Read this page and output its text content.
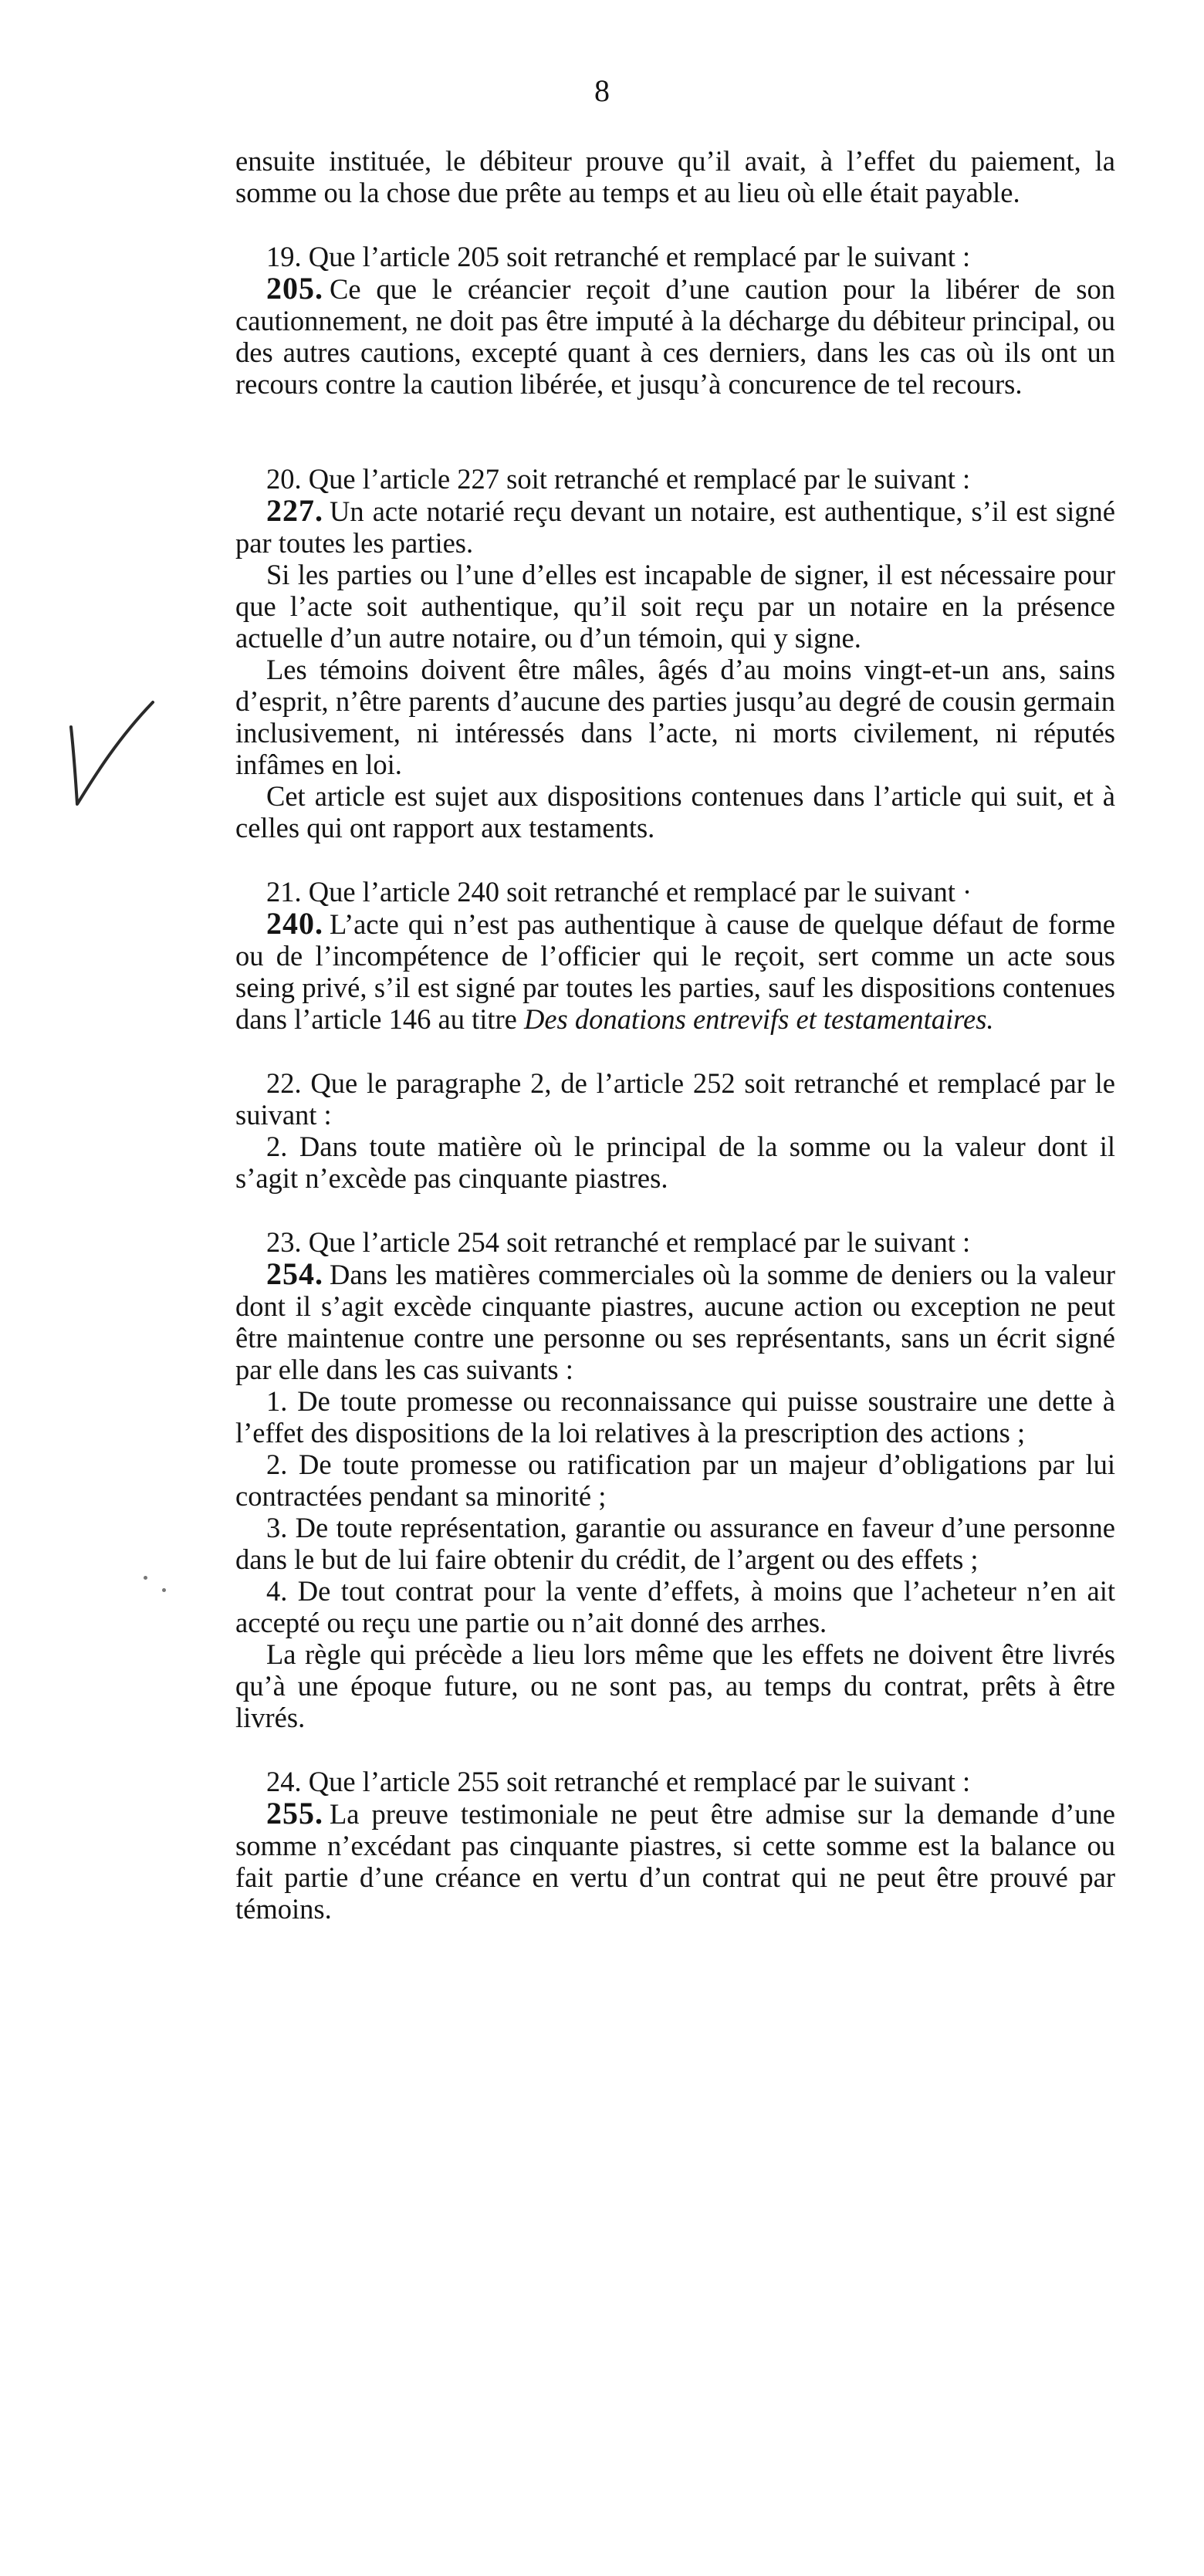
8

ensuite instituée, le débiteur prouve qu’il avait, à l’effet du paiement, la somme ou la chose due prête au temps et au lieu où elle était payable.

19. Que l’article 205 soit retranché et remplacé par le suivant :

205. Ce que le créancier reçoit d’une caution pour la libérer de son cautionnement, ne doit pas être imputé à la décharge du débiteur principal, ou des autres cautions, excepté quant à ces derniers, dans les cas où ils ont un recours contre la caution libérée, et jusqu’à concurence de tel recours.

20. Que l’article 227 soit retranché et remplacé par le suivant :

227. Un acte notarié reçu devant un notaire, est authentique, s’il est signé par toutes les parties.

Si les parties ou l’une d’elles est incapable de signer, il est nécessaire pour que l’acte soit authentique, qu’il soit reçu par un notaire en la présence actuelle d’un autre notaire, ou d’un témoin, qui y signe.

Les témoins doivent être mâles, âgés d’au moins vingt-et-un ans, sains d’esprit, n’être parents d’aucune des parties jusqu’au degré de cousin germain inclusivement, ni intéressés dans l’acte, ni morts civilement, ni réputés infâmes en loi.

Cet article est sujet aux dispositions contenues dans l’article qui suit, et à celles qui ont rapport aux testaments.

21. Que l’article 240 soit retranché et remplacé par le suivant ·

240. L’acte qui n’est pas authentique à cause de quelque défaut de forme ou de l’incompétence de l’officier qui le reçoit, sert comme un acte sous seing privé, s’il est signé par toutes les parties, sauf les dispositions contenues dans l’article 146 au titre Des donations entrevifs et testamentaires.

22. Que le paragraphe 2, de l’article 252 soit retranché et remplacé par le suivant :

2. Dans toute matière où le principal de la somme ou la valeur dont il s’agit n’excède pas cinquante piastres.

23. Que l’article 254 soit retranché et remplacé par le suivant :

254. Dans les matières commerciales où la somme de deniers ou la valeur dont il s’agit excède cinquante piastres, aucune action ou exception ne peut être maintenue contre une personne ou ses représentants, sans un écrit signé par elle dans les cas suivants :

1. De toute promesse ou reconnaissance qui puisse soustraire une dette à l’effet des dispositions de la loi relatives à la prescription des actions ;

2. De toute promesse ou ratification par un majeur d’obligations par lui contractées pendant sa minorité ;

3. De toute représentation, garantie ou assurance en faveur d’une personne dans le but de lui faire obtenir du crédit, de l’argent ou des effets ;

4. De tout contrat pour la vente d’effets, à moins que l’acheteur n’en ait accepté ou reçu une partie ou n’ait donné des arrhes.

La règle qui précède a lieu lors même que les effets ne doivent être livrés qu’à une époque future, ou ne sont pas, au temps du contrat, prêts à être livrés.

24. Que l’article 255 soit retranché et remplacé par le suivant :

255. La preuve testimoniale ne peut être admise sur la demande d’une somme n’excédant pas cinquante piastres, si cette somme est la balance ou fait partie d’une créance en vertu d’un contrat qui ne peut être prouvé par témoins.
